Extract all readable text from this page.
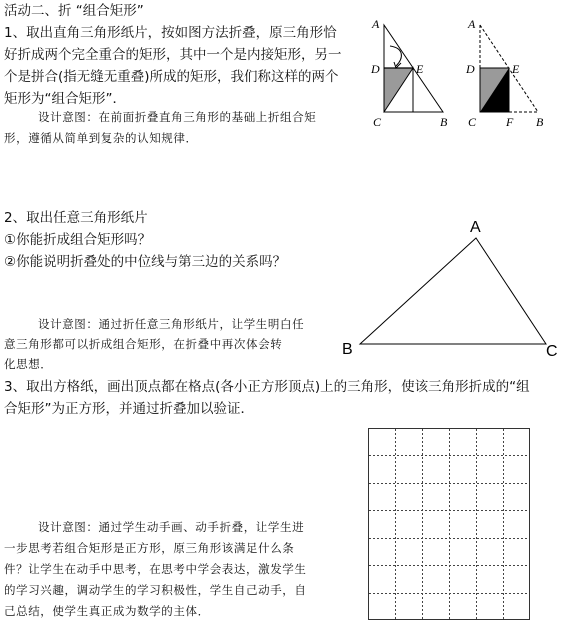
活动二、折 “组合矩形”
1、取出直角三角形纸片，按如图方法折叠，原三角形恰
好折成两个完全重合的矩形，其中一个是内接矩形，另一
个是拼合(指无缝无重叠)所成的矩形，我们称这样的两个
矩形为“组合矩形”．
设计意图：在前面折叠直角三角形的基础上折组合矩
形，遵循从简单到复杂的认知规律．
A
D	E
C	B
A
D	E
C F B
2、取出任意三角形纸片
①你能折成组合矩形吗？
②你能说明折叠处的中位线与第三边的关系吗？
设计意图：通过折任意三角形纸片，让学生明白任
意三角形都可以折成组合矩形，在折叠中再次体会转
化思想．
A
B	C
3、取出方格纸，画出顶点都在格点(各小正方形顶点)上的三角形，使该三角形折成的“组
合矩形”为正方形，并通过折叠加以验证．
设计意图：通过学生动手画、动手折叠，让学生进
一步思考若组合矩形是正方形，原三角形该满足什么条
件？让学生在动手中思考，在思考中学会表达，激发学生
的学习兴趣，调动学生的学习积极性，学生自己动手，自
己总结，使学生真正成为数学的主体．
